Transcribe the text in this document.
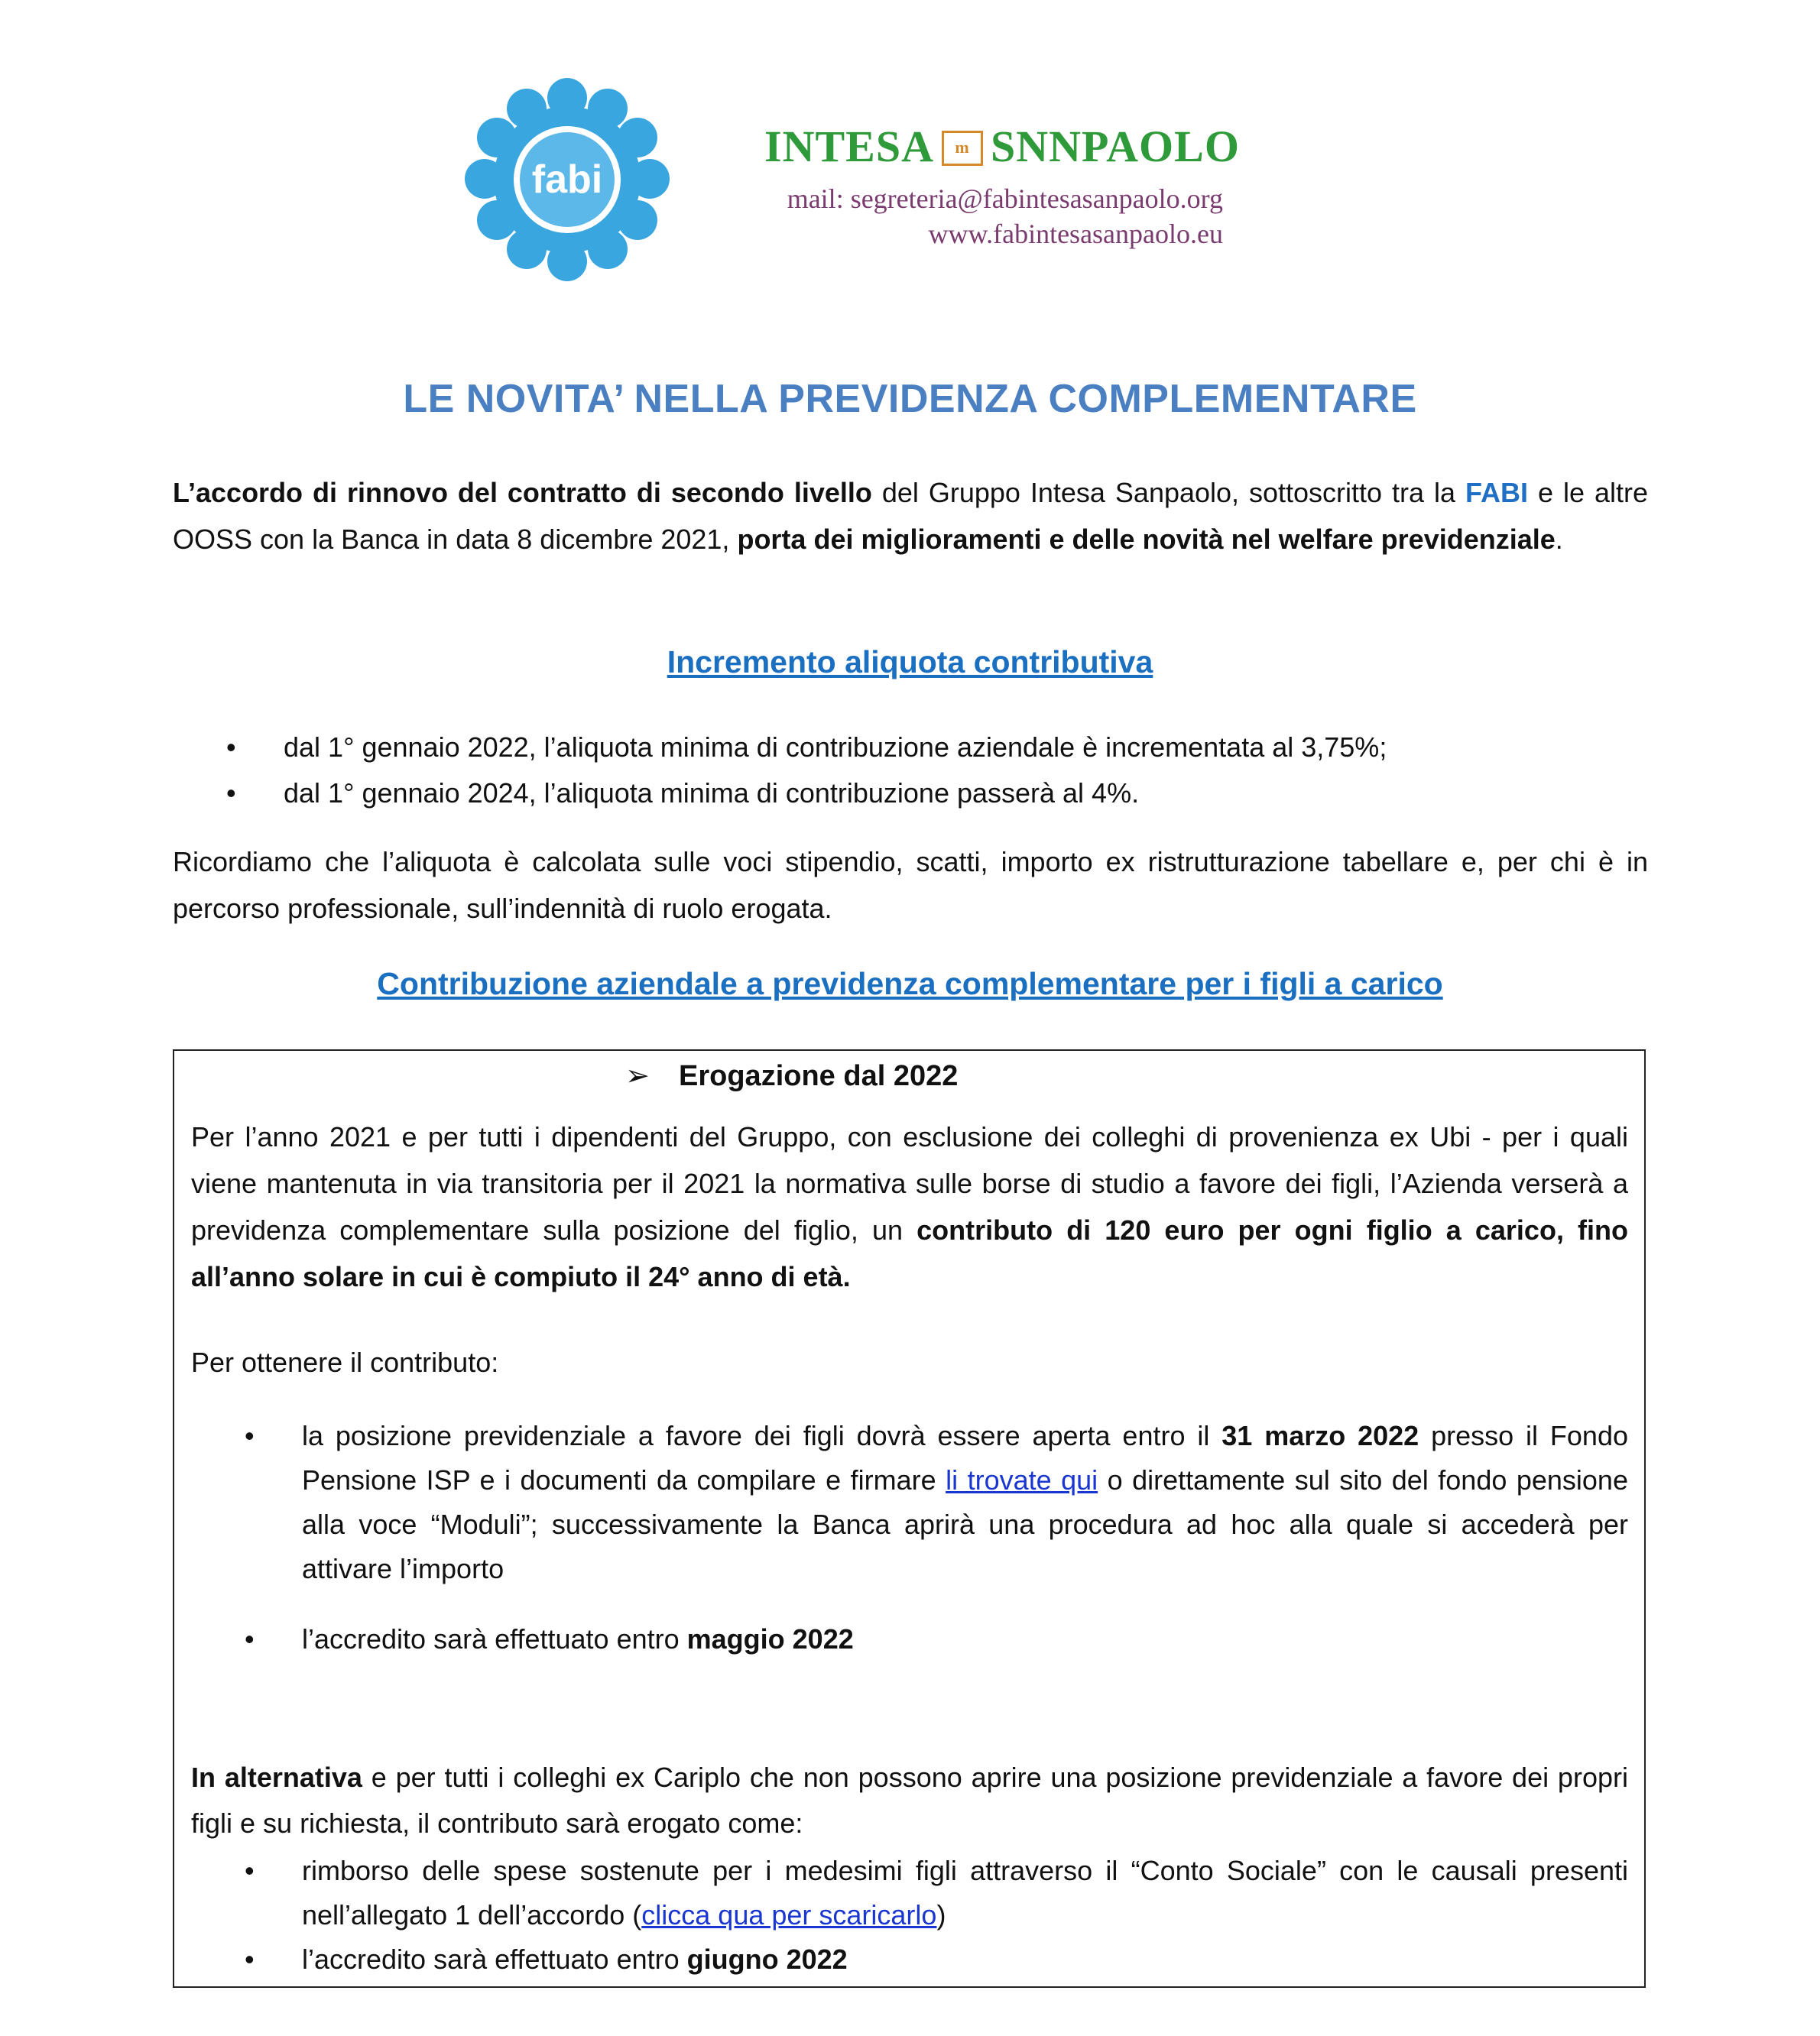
fabi
INTESA m SNNPAOLO
mail: segreteria@fabintesasanpaolo.org
www.fabintesasanpaolo.eu
LE NOVITA’ NELLA PREVIDENZA COMPLEMENTARE
L’accordo di rinnovo del contratto di secondo livello del Gruppo Intesa Sanpaolo, sottoscritto tra la FABI e le altre OOSS con la Banca in data 8 dicembre 2021, porta dei miglioramenti e delle novità nel welfare previdenziale.
Incremento aliquota contributiva
• dal 1° gennaio 2022, l’aliquota minima di contribuzione aziendale è incrementata al 3,75%;
• dal 1° gennaio 2024, l’aliquota minima di contribuzione passerà al 4%.
Ricordiamo che l’aliquota è calcolata sulle voci stipendio, scatti, importo ex ristrutturazione tabellare e, per chi è in percorso professionale, sull’indennità di ruolo erogata.
Contribuzione aziendale a previdenza complementare per i figli a carico
➢ Erogazione dal 2022
Per l’anno 2021 e per tutti i dipendenti del Gruppo, con esclusione dei colleghi di provenienza ex Ubi - per i quali viene mantenuta in via transitoria per il 2021 la normativa sulle borse di studio a favore dei figli, l’Azienda verserà a previdenza complementare sulla posizione del figlio, un contributo di 120 euro per ogni figlio a carico, fino all’anno solare in cui è compiuto il 24° anno di età.
Per ottenere il contributo:
• la posizione previdenziale a favore dei figli dovrà essere aperta entro il 31 marzo 2022 presso il Fondo Pensione ISP e i documenti da compilare e firmare li trovate qui o direttamente sul sito del fondo pensione alla voce “Moduli”; successivamente la Banca aprirà una procedura ad hoc alla quale si accederà per attivare l’importo
• l’accredito sarà effettuato entro maggio 2022
In alternativa e per tutti i colleghi ex Cariplo che non possono aprire una posizione previdenziale a favore dei propri figli e su richiesta, il contributo sarà erogato come:
• rimborso delle spese sostenute per i medesimi figli attraverso il “Conto Sociale” con le causali presenti nell’allegato 1 dell’accordo (clicca qua per scaricarlo)
• l’accredito sarà effettuato entro giugno 2022
